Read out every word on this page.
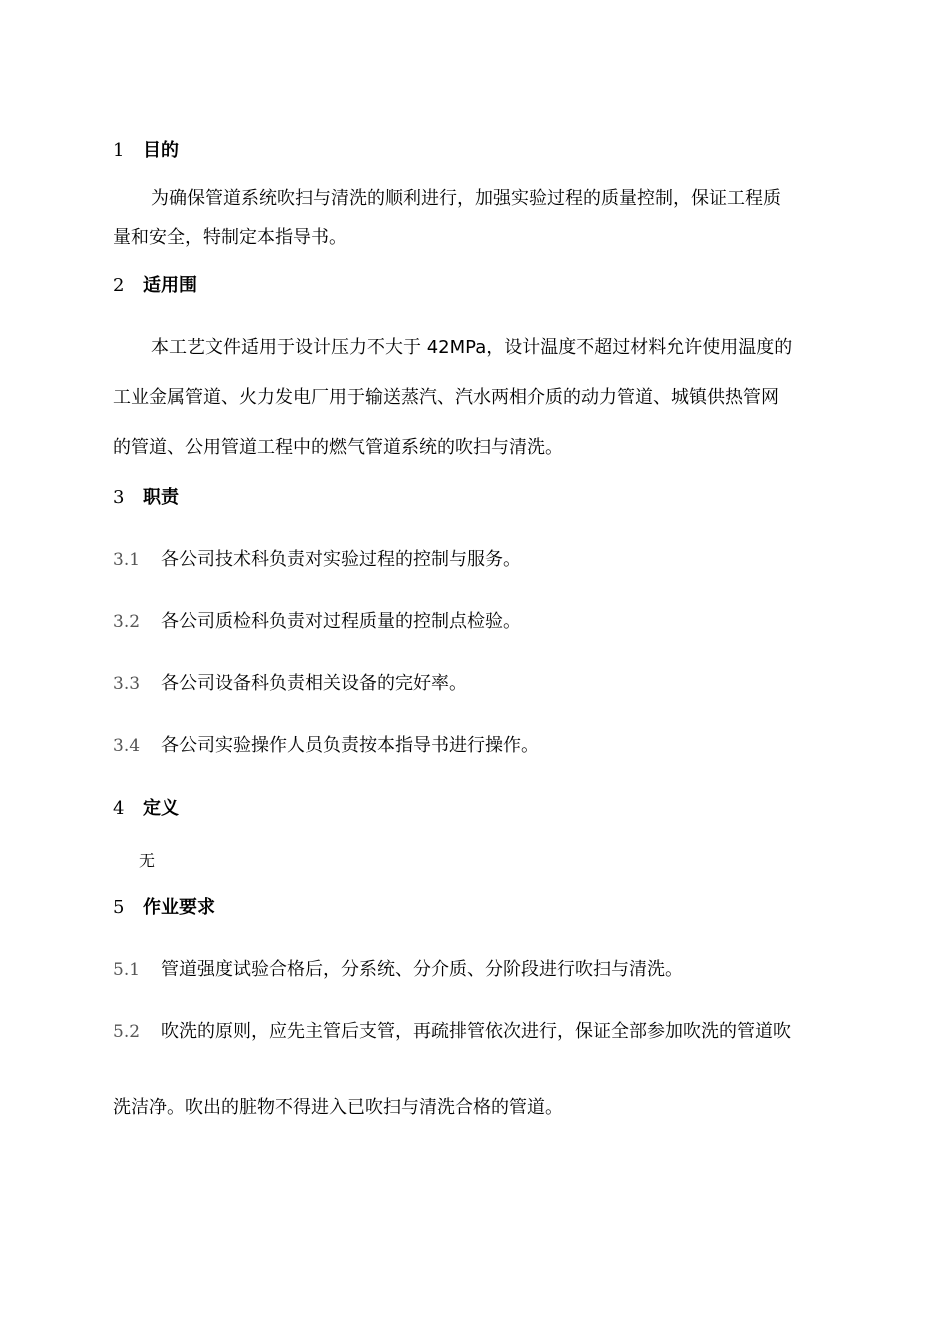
1 目的
为确保管道系统吹扫与清洗的顺利进行，加强实验过程的质量控制，保证工程质
量和安全，特制定本指导书。
2 适用围
本工艺文件适用于设计压力不大于 42MPa，设计温度不超过材料允许使用温度的
工业金属管道、火力发电厂用于输送蒸汽、汽水两相介质的动力管道、城镇供热管网
的管道、公用管道工程中的燃气管道系统的吹扫与清洗。
3 职责
3.1 各公司技术科负责对实验过程的控制与服务。
3.2 各公司质检科负责对过程质量的控制点检验。
3.3 各公司设备科负责相关设备的完好率。
3.4 各公司实验操作人员负责按本指导书进行操作。
4 定义
无
5 作业要求
5.1 管道强度试验合格后，分系统、分介质、分阶段进行吹扫与清洗。
5.2 吹洗的原则，应先主管后支管，再疏排管依次进行，保证全部参加吹洗的管道吹
洗洁净。吹出的脏物不得进入已吹扫与清洗合格的管道。
